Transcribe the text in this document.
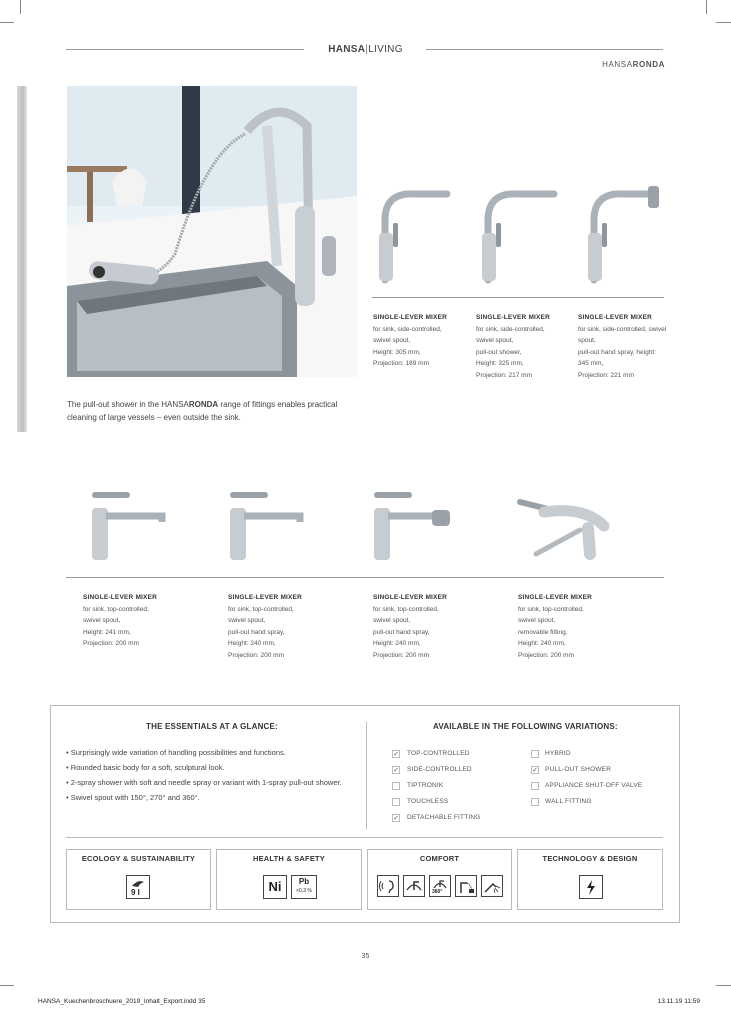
HANSA|LIVING
HANSARONDA
The pull-out shower in the HANSARONDA range of fittings enables practical cleaning of large vessels – even outside the sink.
SINGLE-LEVER MIXER
for sink, side-controlled,
swivel spout,
Height: 305 mm,
Projection: 189 mm
SINGLE-LEVER MIXER
for sink, side-controlled,
swivel spout,
pull-out shower,
Height: 325 mm,
Projection: 217 mm
SINGLE-LEVER MIXER
for sink, side-controlled, swivel
spout,
pull-out hand spray, height:
345 mm,
Projection: 221 mm
SINGLE-LEVER MIXER
for sink, top-controlled,
swivel spout,
Height: 241 mm,
Projection: 200 mm
SINGLE-LEVER MIXER
for sink, top-controlled,
swivel spout,
pull-out hand spray,
Height: 240 mm,
Projection: 200 mm
SINGLE-LEVER MIXER
for sink, top-controlled,
swivel spout,
pull-out hand spray,
Height: 240 mm,
Projection: 200 mm
SINGLE-LEVER MIXER
for sink, top-controlled,
swivel spout,
removable fitting,
Height: 240 mm,
Projection: 200 mm
THE ESSENTIALS AT A GLANCE:	AVAILABLE IN THE FOLLOWING VARIATIONS:
• Surprisingly wide variation of handling possibilities and functions.
• Rounded basic body for a soft, sculptural look.
• 2-spray shower with soft and needle spray or variant with 1-spray pull-out shower.
• Swivel spout with 150°, 270° and 360°.
✓ TOP-CONTROLLED
✓ SIDE-CONTROLLED
TIPTRONIK
TOUCHLESS
✓ DETACHABLE FITTING
HYBRID
✓ PULL-OUT SHOWER
APPLIANCE SHUT-OFF VALVE
WALL FITTING
ECOLOGY & SUSTAINABILITY
9 l
HEALTH & SAFETY
Ni	Pb
<0,3 %
COMFORT
360°
TECHNOLOGY & DESIGN
35
HANSA_Kuechenbroschuere_2019_Inhalt_Export.indd 35	13.11.19 11:59
